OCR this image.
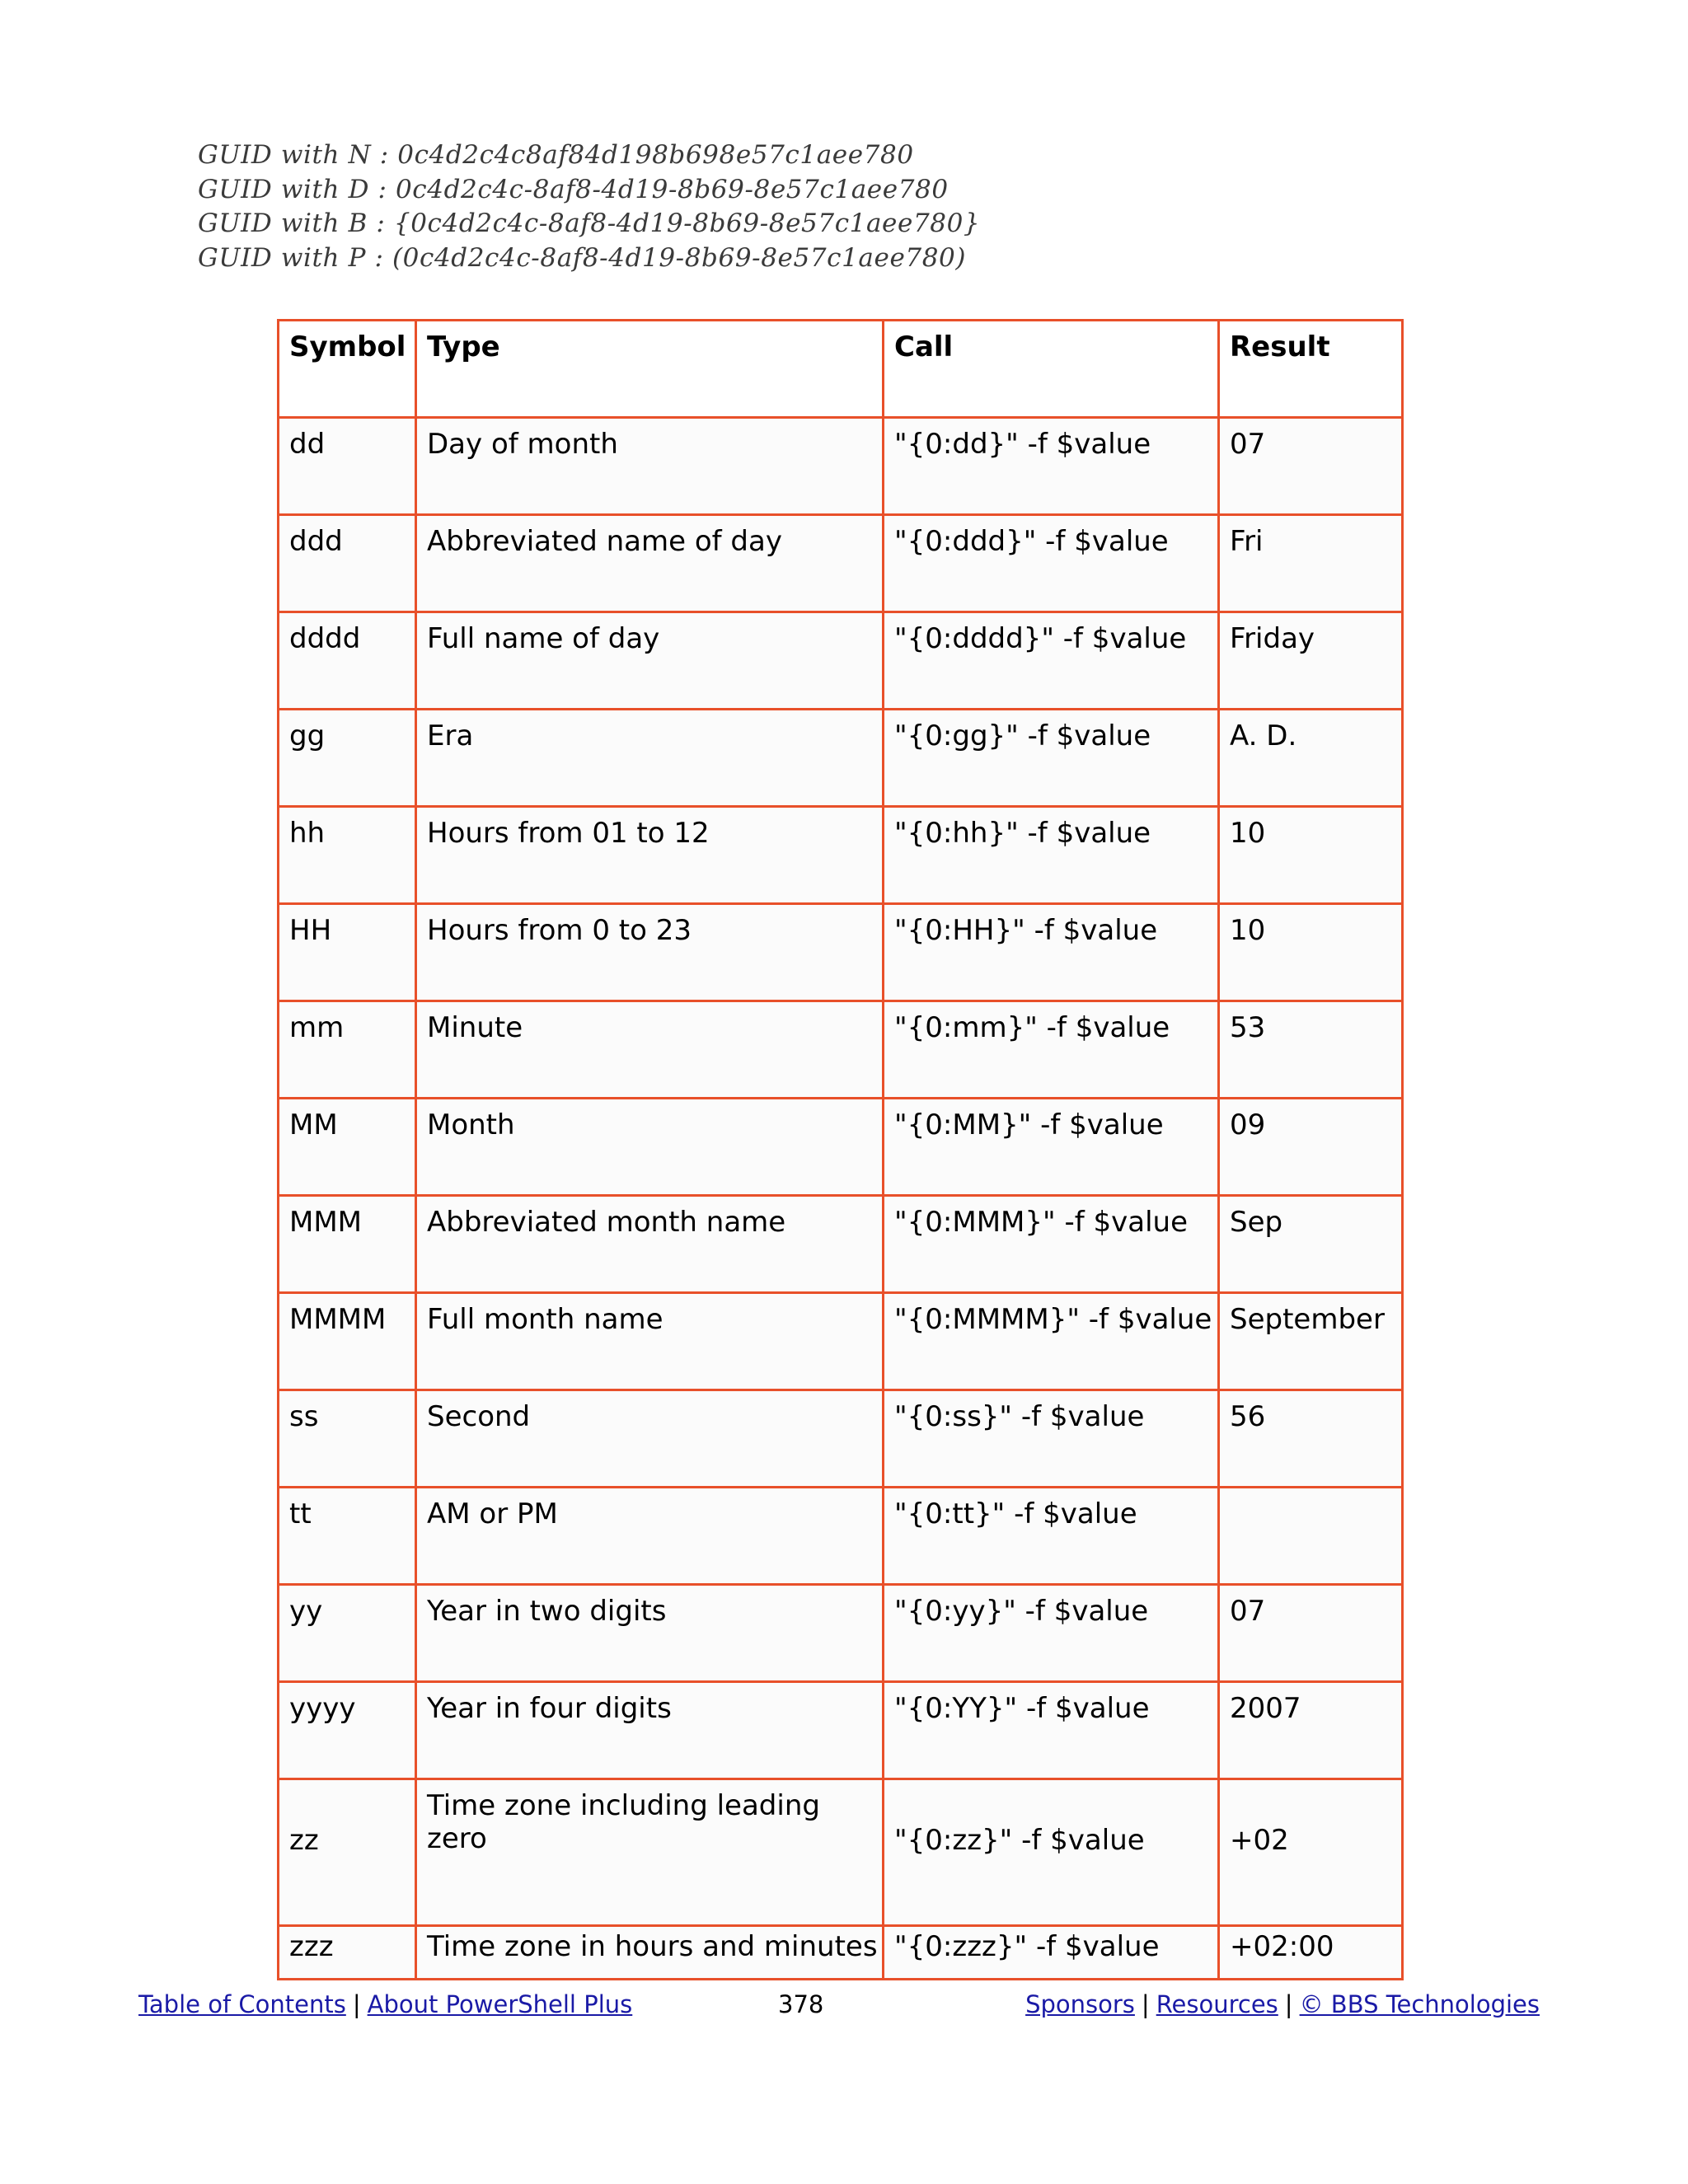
GUID with N : 0c4d2c4c8af84d198b698e57c1aee780
GUID with D : 0c4d2c4c-8af8-4d19-8b69-8e57c1aee780
GUID with B : {0c4d2c4c-8af8-4d19-8b69-8e57c1aee780}
GUID with P : (0c4d2c4c-8af8-4d19-8b69-8e57c1aee780)
Symbol	Type	Call	Result
dd	Day of month	"{0:dd}" -f $value	07
ddd	Abbreviated name of day	"{0:ddd}" -f $value	Fri
dddd	Full name of day	"{0:dddd}" -f $value	Friday
gg	Era	"{0:gg}" -f $value	A. D.
hh	Hours from 01 to 12	"{0:hh}" -f $value	10
HH	Hours from 0 to 23	"{0:HH}" -f $value	10
mm	Minute	"{0:mm}" -f $value	53
MM	Month	"{0:MM}" -f $value	09
MMM	Abbreviated month name	"{0:MMM}" -f $value	Sep
MMMM	Full month name	"{0:MMMM}" -f $value	September
ss	Second	"{0:ss}" -f $value	56
tt	AM or PM	"{0:tt}" -f $value	
yy	Year in two digits	"{0:yy}" -f $value	07
yyyy	Year in four digits	"{0:YY}" -f $value	2007
zz	Time zone including leading zero	"{0:zz}" -f $value	+02
zzz	Time zone in hours and minutes	"{0:zzz}" -f $value	+02:00
Table of Contents | About PowerShell Plus	378	Sponsors | Resources | © BBS Technologies
